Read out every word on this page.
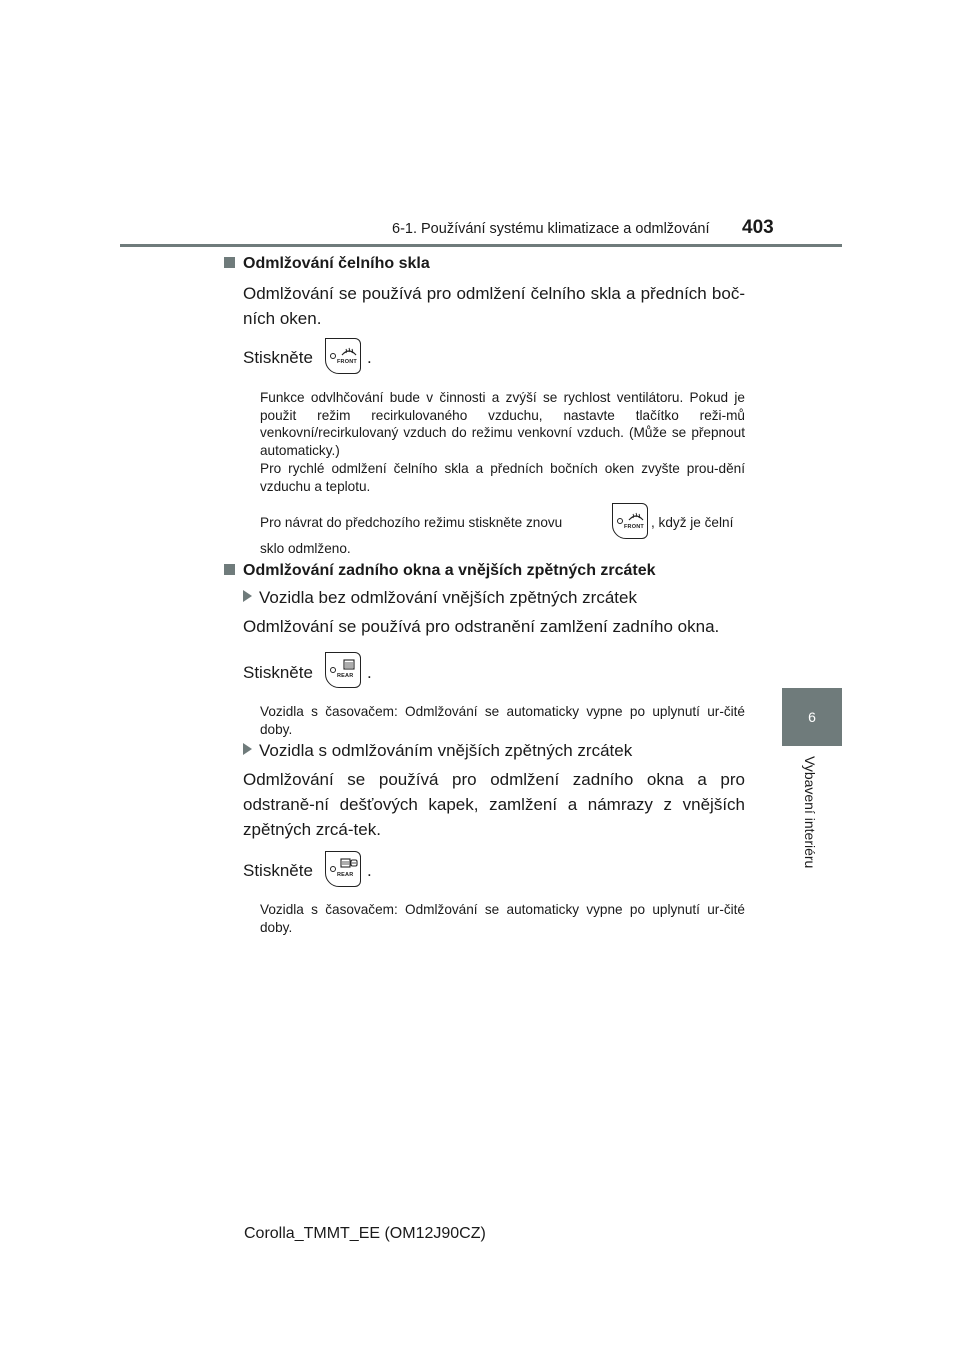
6-1. Používání systému klimatizace a odmlžování 403
6
Vybavení interiéru
Odmlžování čelního skla
Odmlžování se používá pro odmlžení čelního skla a předních boč-ních oken.
Stiskněte	FRONT .
Funkce odvlhčování bude v činnosti a zvýší se rychlost ventilátoru. Pokud je použit režim recirkulovaného vzduchu, nastavte tlačítko reži-mů venkovní/recirkulovaný vzduch do režimu venkovní vzduch. (Může se přepnout automaticky.)
Pro rychlé odmlžení čelního skla a předních bočních oken zvyšte prou-dění vzduchu a teplotu.
Pro návrat do předchozího režimu stiskněte znovu	FRONT , když je čelní
sklo odmlženo.
Odmlžování zadního okna a vnějších zpětných zrcátek
Vozidla bez odmlžování vnějších zpětných zrcátek
Odmlžování se používá pro odstranění zamlžení zadního okna.
Stiskněte	REAR .
Vozidla s časovačem: Odmlžování se automaticky vypne po uplynutí ur-čité doby.
Vozidla s odmlžováním vnějších zpětných zrcátek
Odmlžování se používá pro odmlžení zadního okna a pro odstraně-ní dešťových kapek, zamlžení a námrazy z vnějších zpětných zrcá-tek.
Stiskněte	REAR .
Vozidla s časovačem: Odmlžování se automaticky vypne po uplynutí ur-čité doby.
Corolla_TMMT_EE (OM12J90CZ)
